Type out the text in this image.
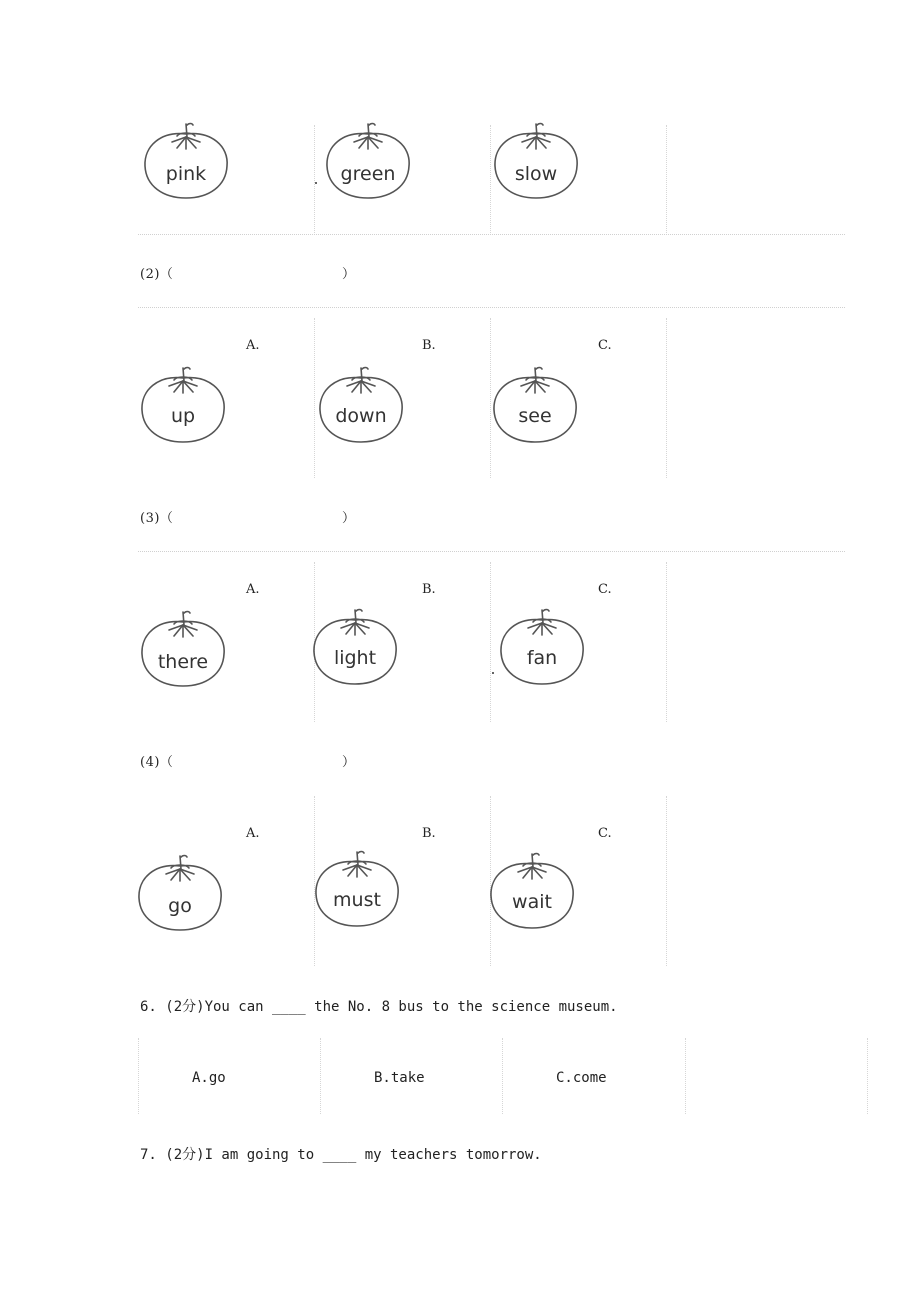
pink	green	slow
(2)（	）
A.	B.	C.
up	down	see
(3)（	）
A.	B.	C.
there	light	fan
(4)（	）
A.	B.	C.
go	must	wait
6. (2分)You can ____ the No. 8 bus to the science museum.
A.go	B.take	C.come
7. (2分)I am going to ____ my teachers tomorrow.
